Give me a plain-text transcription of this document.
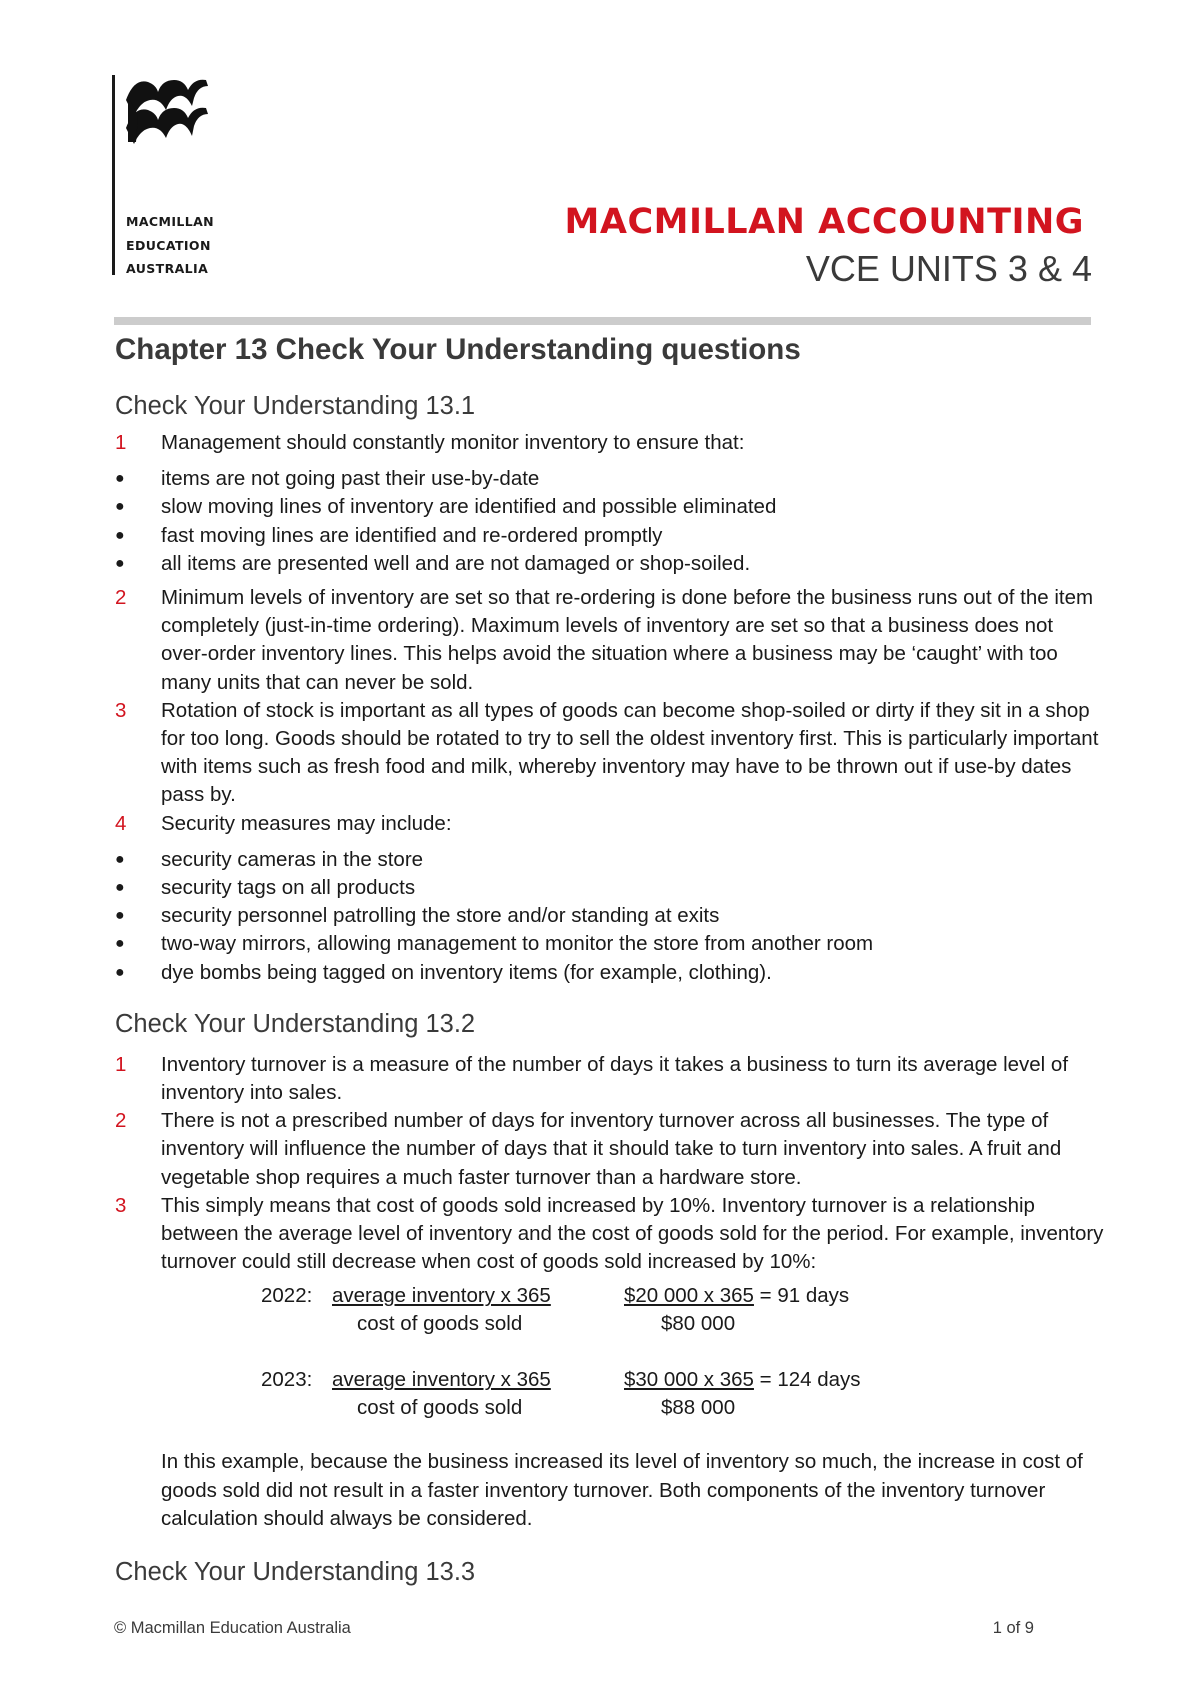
MACMILLAN
EDUCATION
AUSTRALIA
MACMILLAN ACCOUNTING
VCE UNITS 3 & 4
Chapter 13 Check Your Understanding questions
Check Your Understanding 13.1
1 Management should constantly monitor inventory to ensure that:
● items are not going past their use-by-date
● slow moving lines of inventory are identified and possible eliminated
● fast moving lines are identified and re-ordered promptly
● all items are presented well and are not damaged or shop-soiled.
2 Minimum levels of inventory are set so that re-ordering is done before the business runs out of the item completely (just-in-time ordering). Maximum levels of inventory are set so that a business does not over-order inventory lines. This helps avoid the situation where a business may be ‘caught’ with too many units that can never be sold.
3 Rotation of stock is important as all types of goods can become shop-soiled or dirty if they sit in a shop for too long. Goods should be rotated to try to sell the oldest inventory first. This is particularly important with items such as fresh food and milk, whereby inventory may have to be thrown out if use-by dates pass by.
4 Security measures may include:
● security cameras in the store
● security tags on all products
● security personnel patrolling the store and/or standing at exits
● two-way mirrors, allowing management to monitor the store from another room
● dye bombs being tagged on inventory items (for example, clothing).
Check Your Understanding 13.2
1 Inventory turnover is a measure of the number of days it takes a business to turn its average level of inventory into sales.
2 There is not a prescribed number of days for inventory turnover across all businesses. The type of inventory will influence the number of days that it should take to turn inventory into sales. A fruit and vegetable shop requires a much faster turnover than a hardware store.
3 This simply means that cost of goods sold increased by 10%. Inventory turnover is a relationship between the average level of inventory and the cost of goods sold for the period. For example, inventory turnover could still decrease when cost of goods sold increased by 10%:
2022: average inventory x 365
cost of goods sold
$20 000 x 365 = 91 days
$80 000
2023: average inventory x 365
cost of goods sold
$30 000 x 365 = 124 days
$88 000
In this example, because the business increased its level of inventory so much, the increase in cost of goods sold did not result in a faster inventory turnover. Both components of the inventory turnover calculation should always be considered.
Check Your Understanding 13.3
© Macmillan Education Australia	1 of 9
